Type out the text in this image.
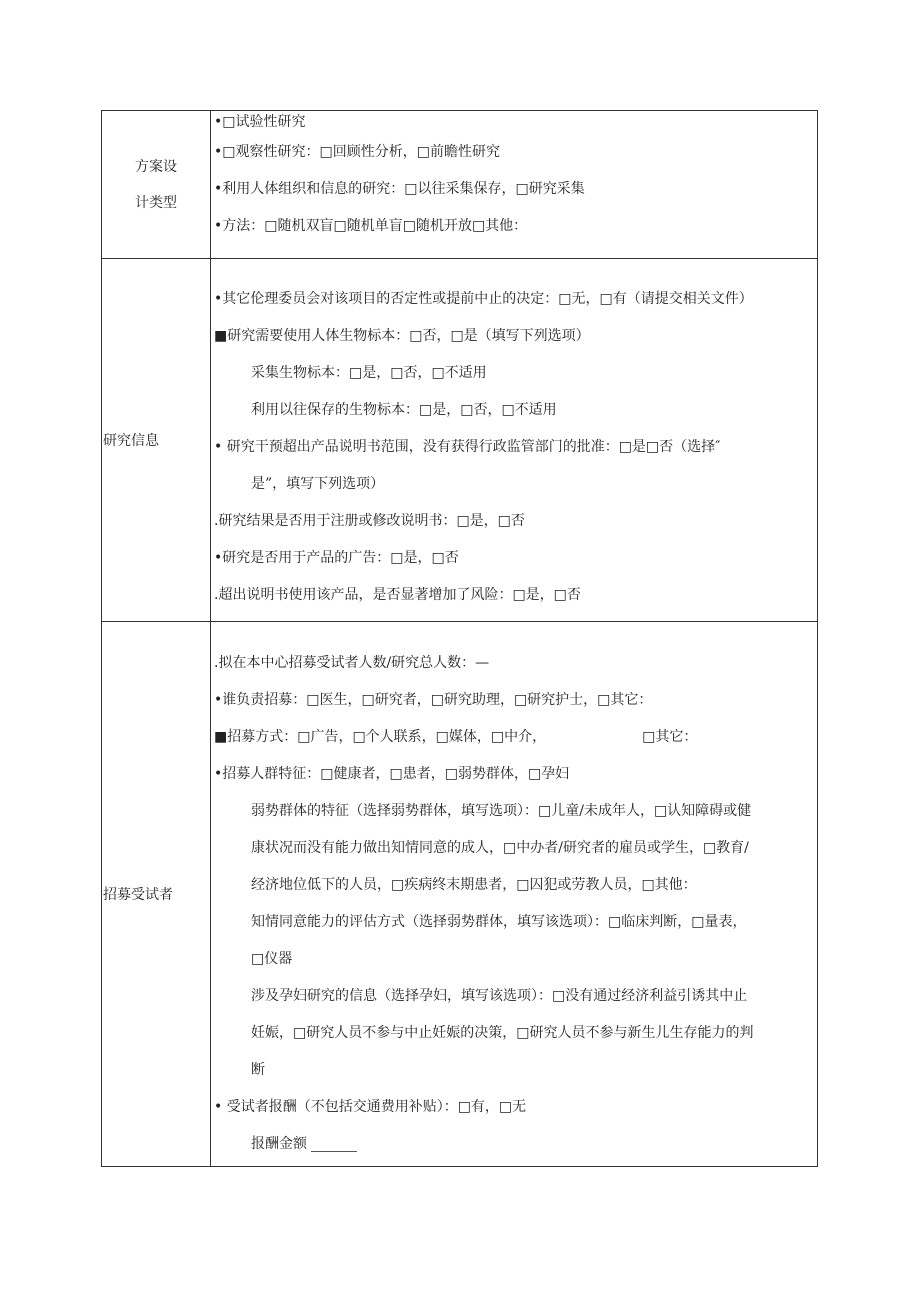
方案设
计类型
•□试验性研究
•□观察性研究：□回顾性分析，□前瞻性研究
•利用人体组织和信息的研究：□以往采集保存，□研究采集
•方法：□随机双盲□随机单盲□随机开放□其他：
研究信息
•其它伦理委员会对该项目的否定性或提前中止的决定：□无，□有（请提交相关文件）
■研究需要使用人体生物标本：□否，□是（填写下列选项）
采集生物标本：□是，□否，□不适用
利用以往保存的生物标本：□是，□否，□不适用
• 研究干预超出产品说明书范围，没有获得行政监管部门的批准：□是□否（选择″
是”，填写下列选项）
.研究结果是否用于注册或修改说明书：□是，□否
•研究是否用于产品的广告：□是，□否
.超出说明书使用该产品，是否显著增加了风险：□是，□否
招募受试者
.拟在本中心招募受试者人数/研究总人数：—
•谁负责招募：□医生，□研究者，□研究助理，□研究护士，□其它：
■招募方式：□广告，□个人联系，□媒体，□中介，	□其它：
•招募人群特征：□健康者，□患者，□弱势群体，□孕妇
弱势群体的特征（选择弱势群体，填写选项）：□儿童/未成年人，□认知障碍或健
康状况而没有能力做出知情同意的成人，□中办者/研究者的雇员或学生，□教育/
经济地位低下的人员，□疾病终末期患者，□囚犯或劳教人员，□其他：
知情同意能力的评估方式（选择弱势群体，填写该选项）：□临床判断，□量表，
□仪器
涉及孕妇研究的信息（选择孕妇，填写该选项）：□没有通过经济利益引诱其中止
妊娠，□研究人员不参与中止妊娠的决策，□研究人员不参与新生儿生存能力的判
断
• 受试者报酬（不包括交通费用补贴）：□有，□无
报酬金额
